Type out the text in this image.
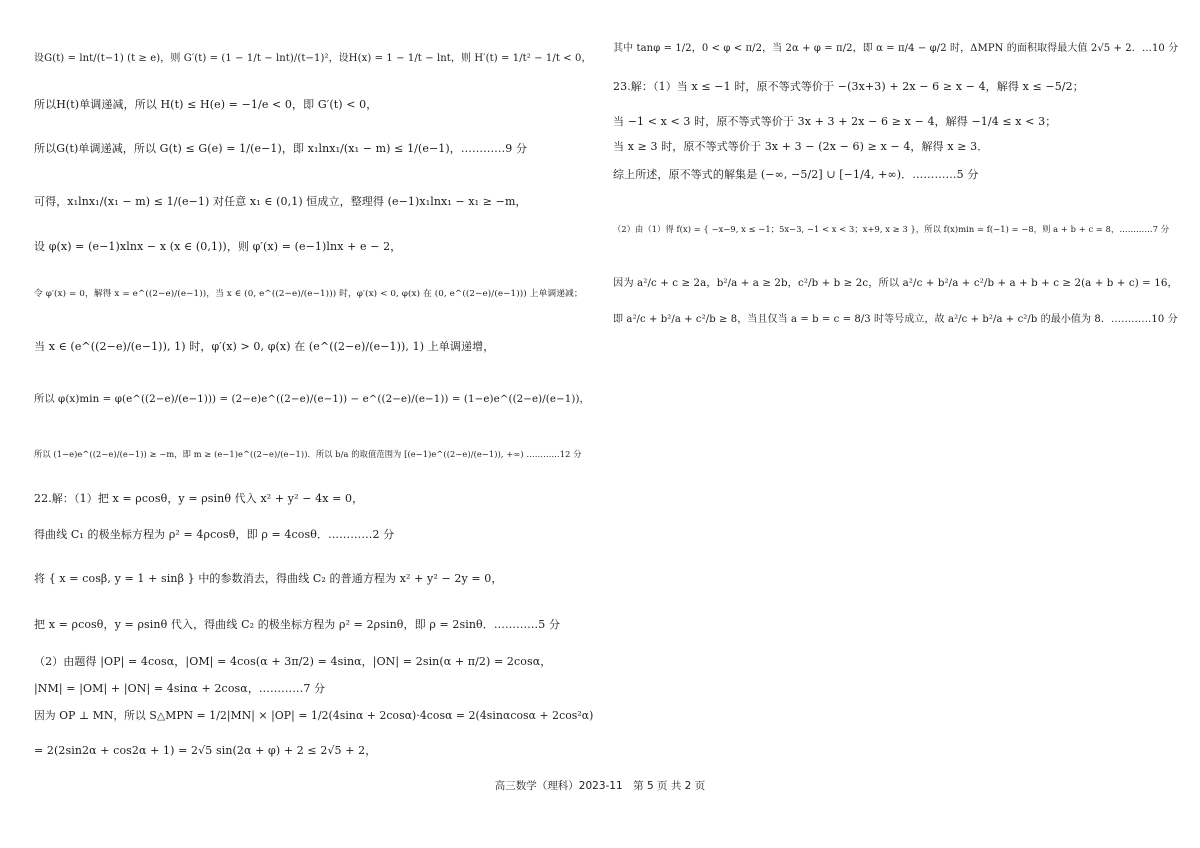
设G(t) = lnt/(t−1) (t ≥ e)，则 G′(t) = (1 − 1/t − lnt)/(t−1)²，设H(x) = 1 − 1/t − lnt，则 H′(t) = 1/t² − 1/t < 0，
所以H(t)单调递减，所以 H(t) ≤ H(e) = −1/e < 0，即 G′(t) < 0，
所以G(t)单调递减，所以 G(t) ≤ G(e) = 1/(e−1)，即 x₁lnx₁/(x₁ − m) ≤ 1/(e−1)，…………9 分
可得，x₁lnx₁/(x₁ − m) ≤ 1/(e−1) 对任意 x₁ ∈ (0,1) 恒成立，整理得 (e−1)x₁lnx₁ − x₁ ≥ −m，
设 φ(x) = (e−1)xlnx − x (x ∈ (0,1))，则 φ′(x) = (e−1)lnx + e − 2，
令 φ′(x) = 0，解得 x = e^((2−e)/(e−1))，当 x ∈ (0, e^((2−e)/(e−1))) 时，φ′(x) < 0, φ(x) 在 (0, e^((2−e)/(e−1))) 上单调递减；
当 x ∈ (e^((2−e)/(e−1)), 1) 时，φ′(x) > 0, φ(x) 在 (e^((2−e)/(e−1)), 1) 上单调递增，
所以 φ(x)min = φ(e^((2−e)/(e−1))) = (2−e)e^((2−e)/(e−1)) − e^((2−e)/(e−1)) = (1−e)e^((2−e)/(e−1))，
所以 (1−e)e^((2−e)/(e−1)) ≥ −m，即 m ≥ (e−1)e^((2−e)/(e−1))．所以 b/a 的取值范围为 [(e−1)e^((2−e)/(e−1)), +∞) …………12 分
22.解：（1）把 x = ρcosθ，y = ρsinθ 代入 x² + y² − 4x = 0，
得曲线 C₁ 的极坐标方程为 ρ² = 4ρcosθ，即 ρ = 4cosθ．…………2 分
将 { x = cosβ, y = 1 + sinβ } 中的参数消去，得曲线 C₂ 的普通方程为 x² + y² − 2y = 0，
把 x = ρcosθ，y = ρsinθ 代入，得曲线 C₂ 的极坐标方程为 ρ² = 2ρsinθ，即 ρ = 2sinθ．…………5 分
（2）由题得 |OP| = 4cosα，|OM| = 4cos(α + 3π/2) = 4sinα，|ON| = 2sin(α + π/2) = 2cosα，
|NM| = |OM| + |ON| = 4sinα + 2cosα，…………7 分
因为 OP ⊥ MN，所以 S△MPN = 1/2|MN| × |OP| = 1/2(4sinα + 2cosα)·4cosα = 2(4sinαcosα + 2cos²α)
= 2(2sin2α + cos2α + 1) = 2√5 sin(2α + φ) + 2 ≤ 2√5 + 2，
其中 tanφ = 1/2，0 < φ < π/2，当 2α + φ = π/2，即 α = π/4 − φ/2 时，ΔMPN 的面积取得最大值 2√5 + 2．…10 分
23.解：（1）当 x ≤ −1 时，原不等式等价于 −(3x+3) + 2x − 6 ≥ x − 4，解得 x ≤ −5/2；
当 −1 < x < 3 时，原不等式等价于 3x + 3 + 2x − 6 ≥ x − 4，解得 −1/4 ≤ x < 3；
当 x ≥ 3 时，原不等式等价于 3x + 3 − (2x − 6) ≥ x − 4，解得 x ≥ 3．
综上所述，原不等式的解集是 (−∞, −5/2] ∪ [−1/4, +∞)．…………5 分
（2）由（1）得 f(x) = { −x−9, x ≤ −1；5x−3, −1 < x < 3；x+9, x ≥ 3 }，所以 f(x)min = f(−1) = −8，则 a + b + c = 8，…………7 分
因为 a²/c + c ≥ 2a，b²/a + a ≥ 2b，c²/b + b ≥ 2c，所以 a²/c + b²/a + c²/b + a + b + c ≥ 2(a + b + c) = 16，
即 a²/c + b²/a + c²/b ≥ 8，当且仅当 a = b = c = 8/3 时等号成立，故 a²/c + b²/a + c²/b 的最小值为 8．…………10 分
高三数学（理科）2023-11　第 5 页 共 2 页
